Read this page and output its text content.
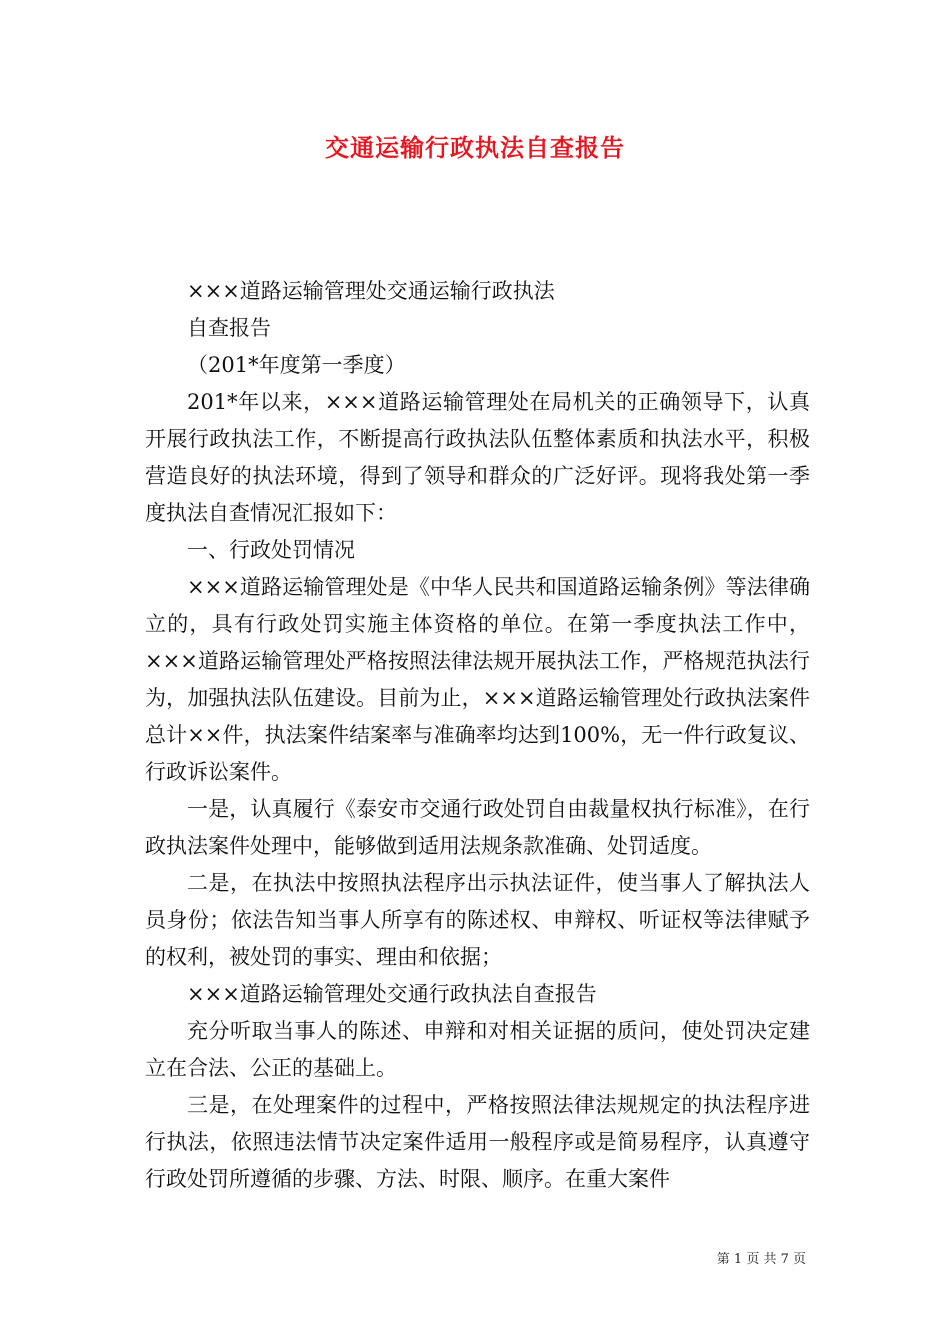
交通运输行政执法自查报告

×××道路运输管理处交通运输行政执法

自查报告

（201*年度第一季度）

201*年以来，×××道路运输管理处在局机关的正确领导下，认真开展行政执法工作，不断提高行政执法队伍整体素质和执法水平，积极营造良好的执法环境，得到了领导和群众的广泛好评。现将我处第一季度执法自查情况汇报如下：

一、行政处罚情况

×××道路运输管理处是《中华人民共和国道路运输条例》等法律确立的，具有行政处罚实施主体资格的单位。在第一季度执法工作中，×××道路运输管理处严格按照法律法规开展执法工作，严格规范执法行为，加强执法队伍建设。目前为止，×××道路运输管理处行政执法案件总计××件，执法案件结案率与准确率均达到100%，无一件行政复议、行政诉讼案件。

一是，认真履行《泰安市交通行政处罚自由裁量权执行标准》，在行政执法案件处理中，能够做到适用法规条款准确、处罚适度。

二是，在执法中按照执法程序出示执法证件，使当事人了解执法人员身份；依法告知当事人所享有的陈述权、申辩权、听证权等法律赋予的权利，被处罚的事实、理由和依据；

×××道路运输管理处交通行政执法自查报告

充分听取当事人的陈述、申辩和对相关证据的质问，使处罚决定建立在合法、公正的基础上。

三是，在处理案件的过程中，严格按照法律法规规定的执法程序进行执法，依照违法情节决定案件适用一般程序或是简易程序，认真遵守行政处罚所遵循的步骤、方法、时限、顺序。在重大案件

第 1 页 共 7 页
